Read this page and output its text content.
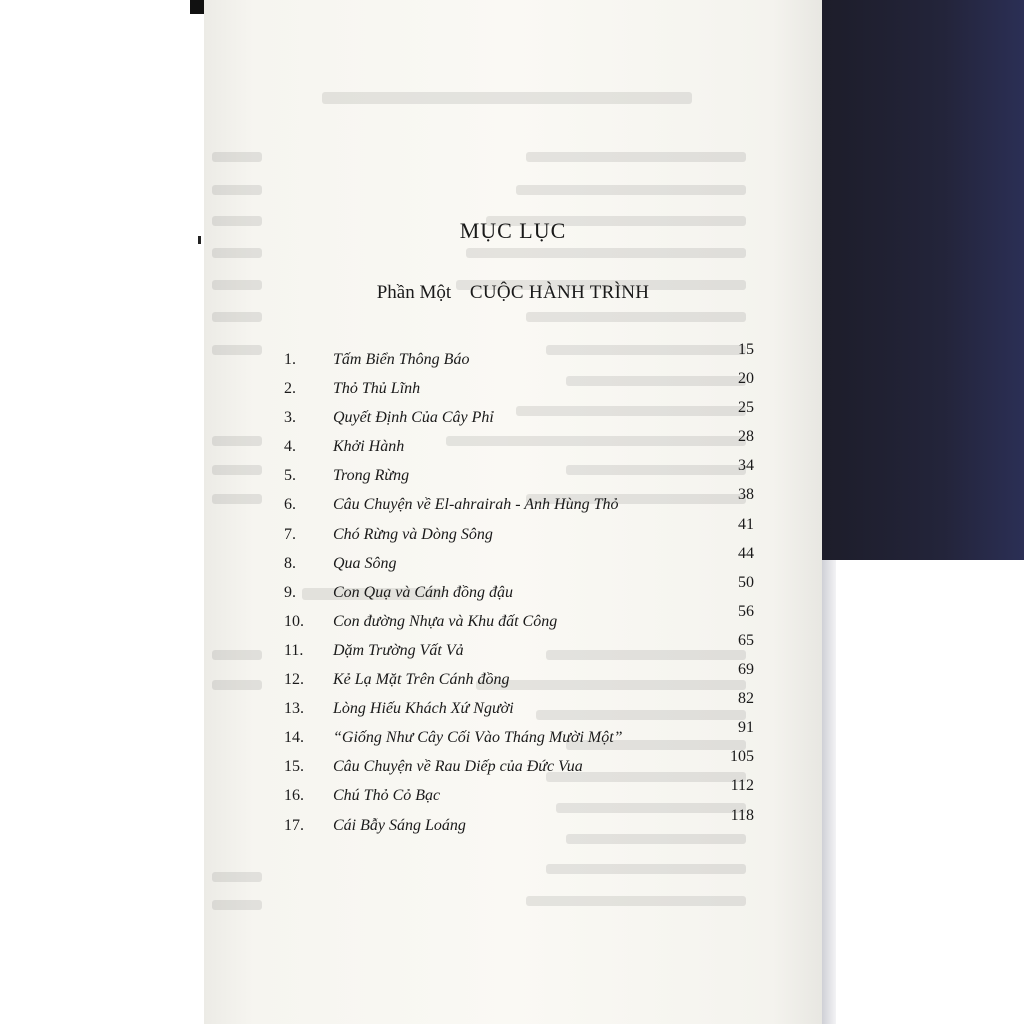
MỤC LỤC
Phần Một CUỘC HÀNH TRÌNH
1. Tấm Biển Thông Báo
15
2. Thỏ Thủ Lĩnh
20
3. Quyết Định Của Cây Phỉ
25
4. Khởi Hành
28
5. Trong Rừng
34
6. Câu Chuyện về El-ahrairah - Anh Hùng Thỏ
38
7. Chó Rừng và Dòng Sông
41
8. Qua Sông
44
9. Con Quạ và Cánh đồng đậu
50
10. Con đường Nhựa và Khu đất Công
56
11. Dặm Trường Vất Vả
65
12. Kẻ Lạ Mặt Trên Cánh đồng
69
13. Lòng Hiếu Khách Xứ Người
82
14. “Giống Như Cây Cối Vào Tháng Mười Một”
91
15. Câu Chuyện về Rau Diếp của Đức Vua
105
16. Chú Thỏ Cỏ Bạc
112
17. Cái Bẫy Sáng Loáng
118
